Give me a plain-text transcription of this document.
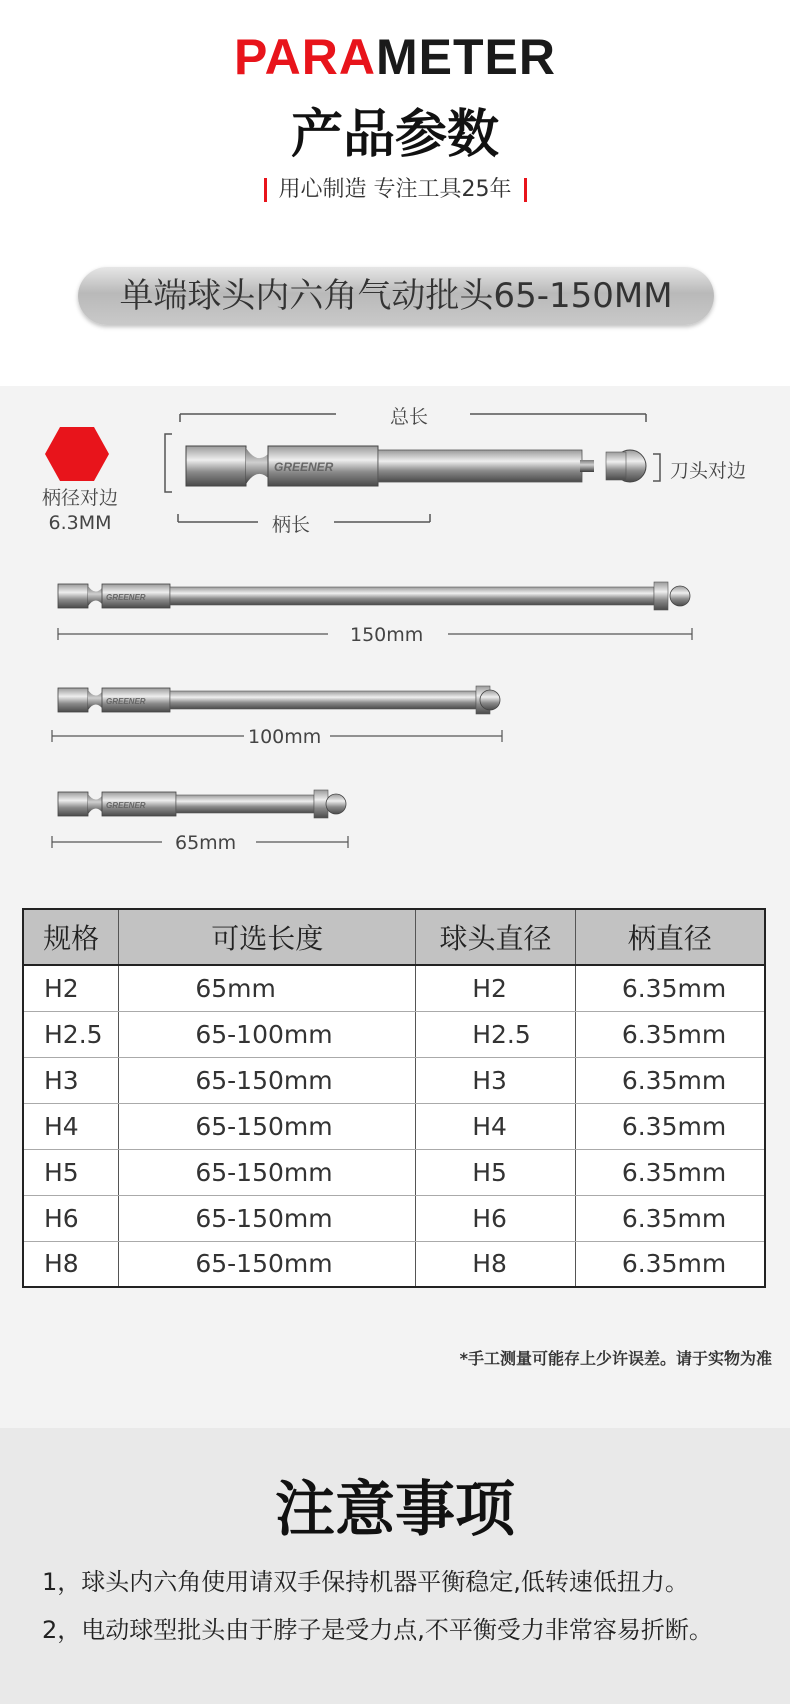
PARAMETER
产品参数
用心制造 专注工具25年
单端球头内六角气动批头65-150MM
柄径对边
6.3MM
GREENER
GREENER
GREENER
GREENER
总长
刀头对边
柄长
150mm
100mm
65mm
规格	可选长度	球头直径	柄直径
H2	65mm	H2	6.35mm
H2.5	65-100mm	H2.5	6.35mm
H3	65-150mm	H3	6.35mm
H4	65-150mm	H4	6.35mm
H5	65-150mm	H5	6.35mm
H6	65-150mm	H6	6.35mm
H8	65-150mm	H8	6.35mm
*手工测量可能存上少许误差。请于实物为准
注意事项
1，球头内六角使用请双手保持机器平衡稳定,低转速低扭力。
2，电动球型批头由于脖子是受力点,不平衡受力非常容易折断。
